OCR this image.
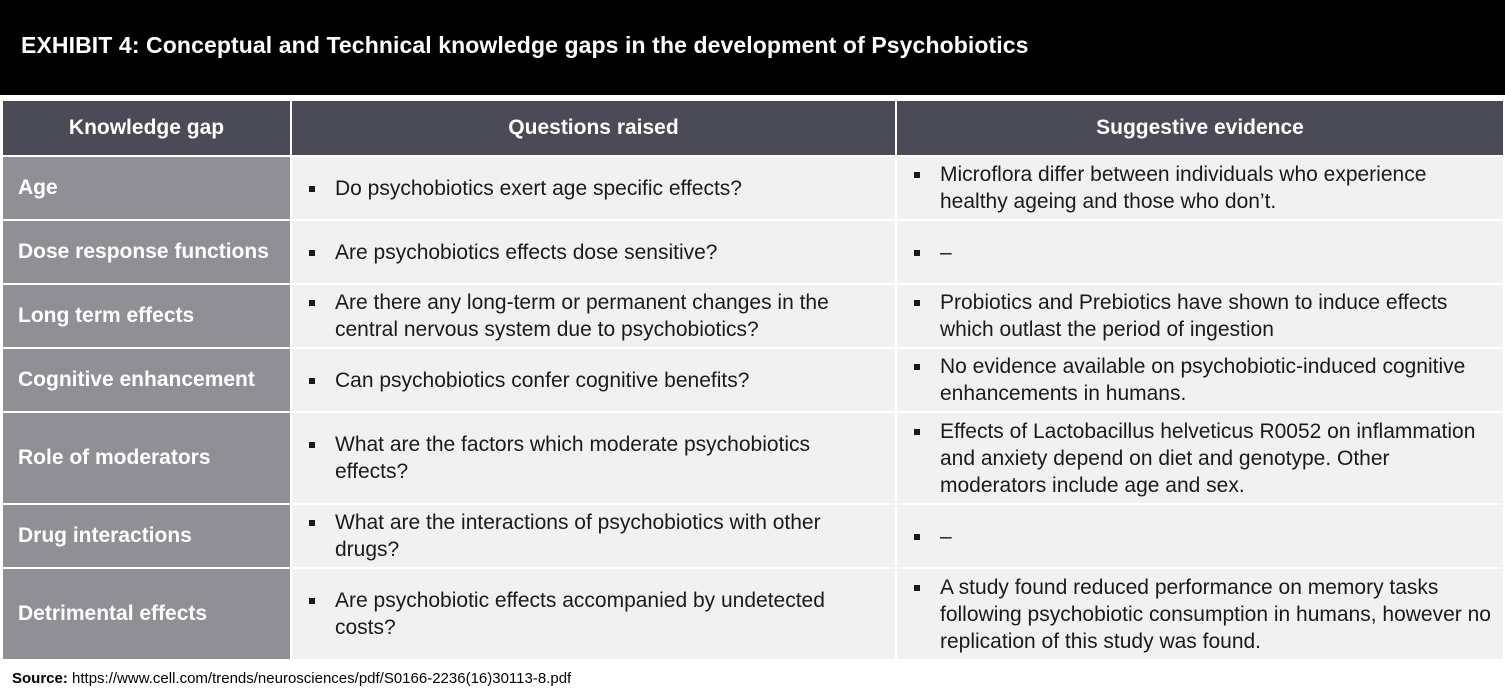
EXHIBIT 4: Conceptual and Technical knowledge gaps in the development of Psychobiotics
Knowledge gap	Questions raised	Suggestive evidence
Age	Do psychobiotics exert age specific effects?	Microflora differ between individuals who experience healthy ageing and those who don’t.

Dose response functions	Are psychobiotics effects dose sensitive?	–

Long term effects	Are there any long-term or permanent changes in the central nervous system due to psychobiotics?	Probiotics and Prebiotics have shown to induce effects which outlast the period of ingestion

Cognitive enhancement	Can psychobiotics confer cognitive benefits?	No evidence available on psychobiotic-induced cognitive enhancements in humans.

Role of moderators	What are the factors which moderate psychobiotics effects?	Effects of Lactobacillus helveticus R0052 on inflammation and anxiety depend on diet and genotype. Other moderators include age and sex.

Drug interactions	What are the interactions of psychobiotics with other drugs?	–

Detrimental effects	Are psychobiotic effects accompanied by undetected costs?	A study found reduced performance on memory tasks following psychobiotic consumption in humans, however no replication of this study was found.
Source: https://www.cell.com/trends/neurosciences/pdf/S0166-2236(16)30113-8.pdf
